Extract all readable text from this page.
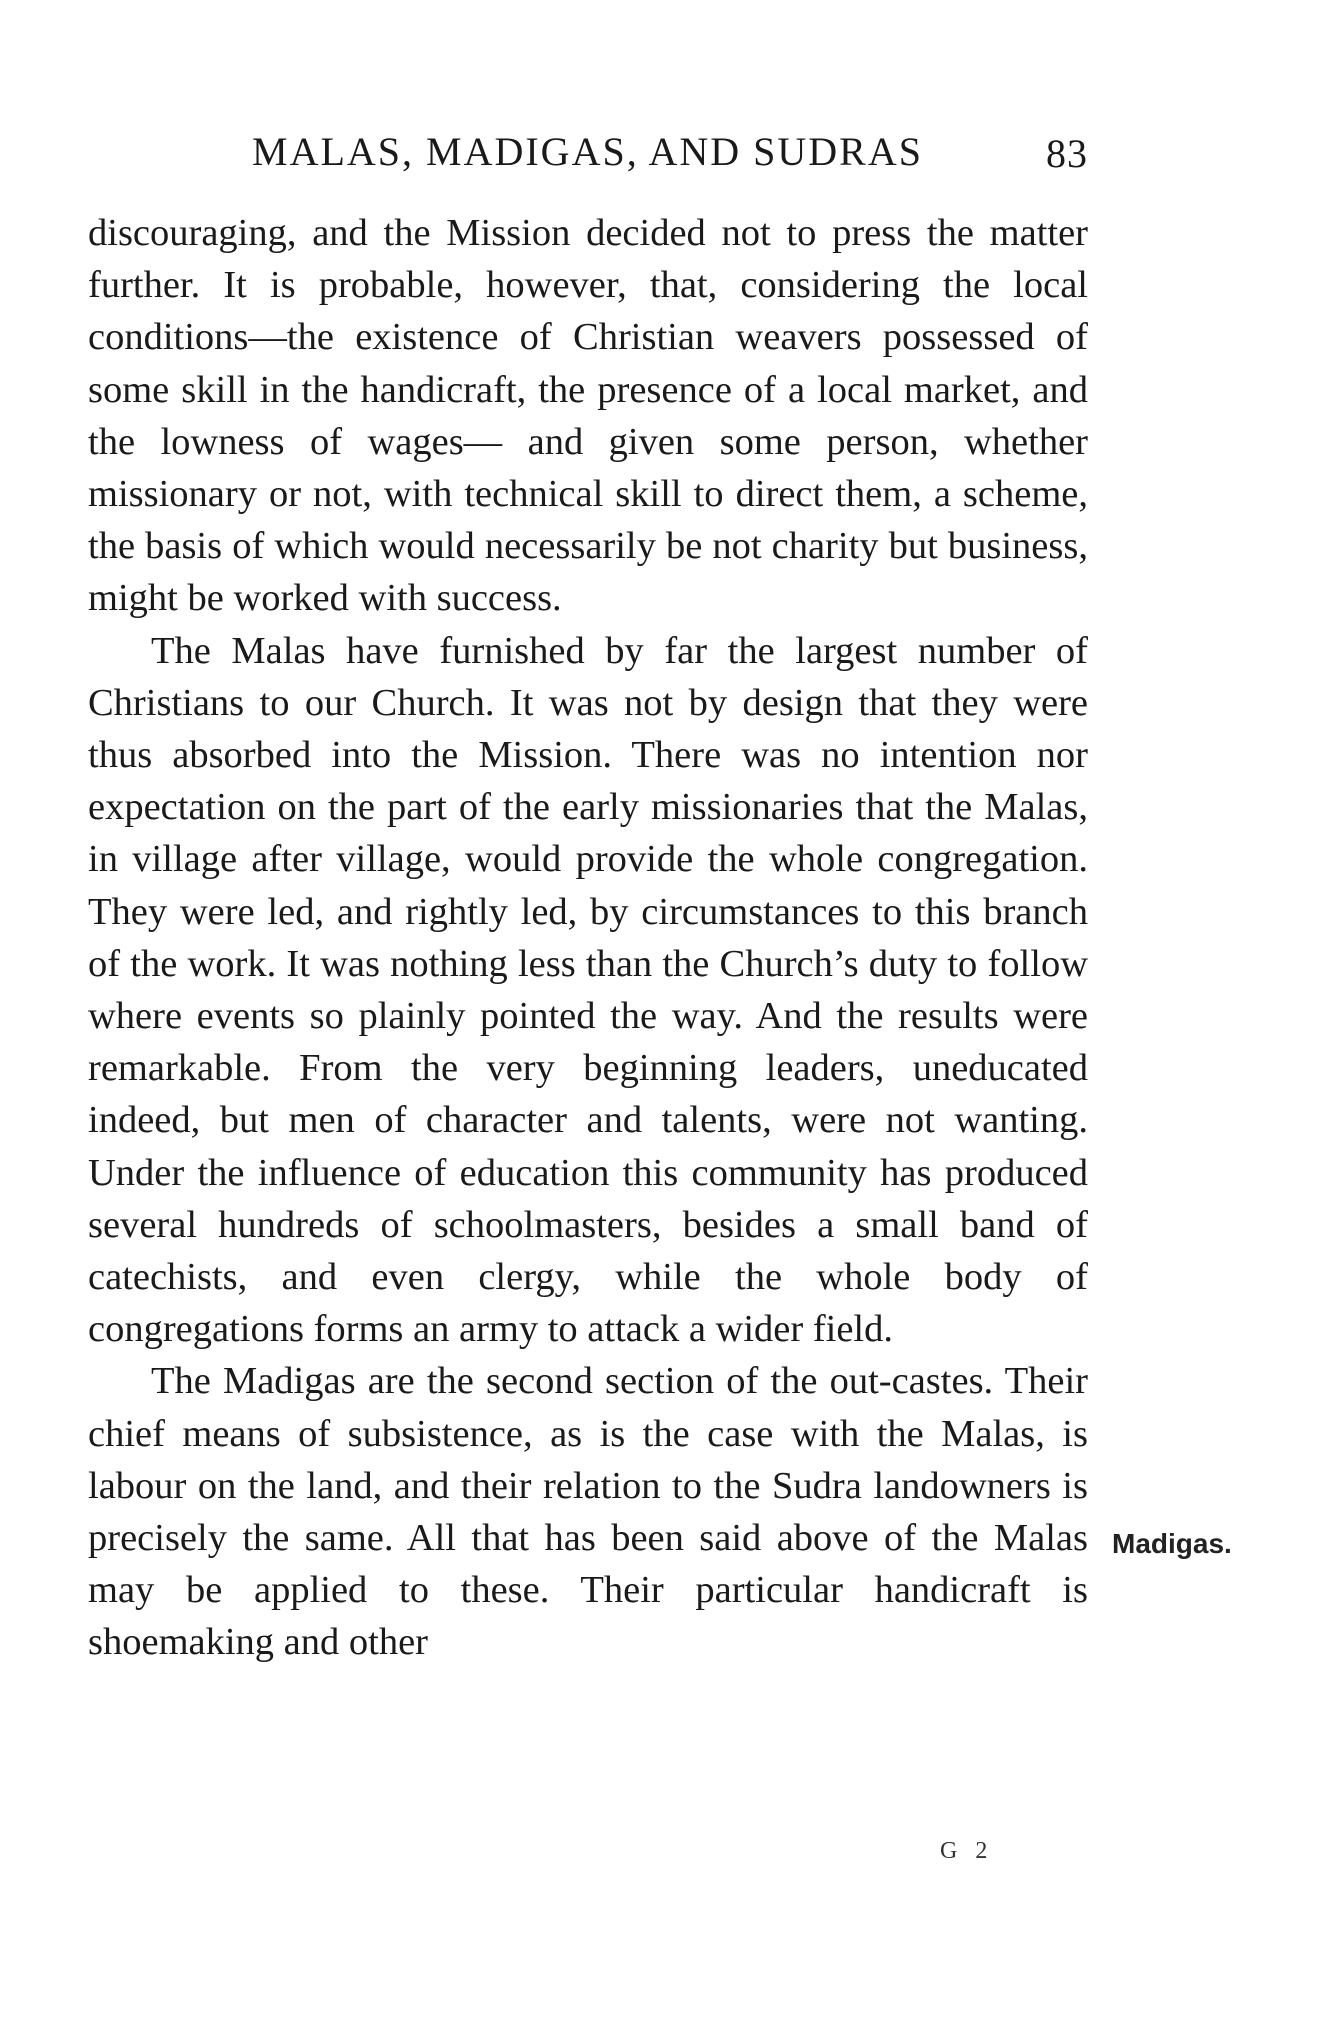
MALAS, MADIGAS, AND SUDRAS	83

discouraging, and the Mission decided not to press the matter further. It is probable, however, that, considering the local conditions—the existence of Christian weavers possessed of some skill in the handicraft, the presence of a local market, and the lowness of wages— and given some person, whether missionary or not, with technical skill to direct them, a scheme, the basis of which would necessarily be not charity but business, might be worked with success.

The Malas have furnished by far the largest number of Christians to our Church. It was not by design that they were thus absorbed into the Mission. There was no intention nor expectation on the part of the early missionaries that the Malas, in village after village, would provide the whole congregation. They were led, and rightly led, by circumstances to this branch of the work. It was nothing less than the Church’s duty to follow where events so plainly pointed the way. And the results were remarkable. From the very beginning leaders, uneducated indeed, but men of character and talents, were not wanting. Under the influence of education this community has produced several hundreds of schoolmasters, besides a small band of catechists, and even clergy, while the whole body of congregations forms an army to attack a wider field.

The Madigas are the second section of the out-castes. Their chief means of subsistence, as is the case with the Malas, is labour on the land, and their relation to the Sudra landowners is precisely the same. All that has been said above of the Malas may be applied to these. Their particular handicraft is shoemaking and other

Madigas.
G 2
